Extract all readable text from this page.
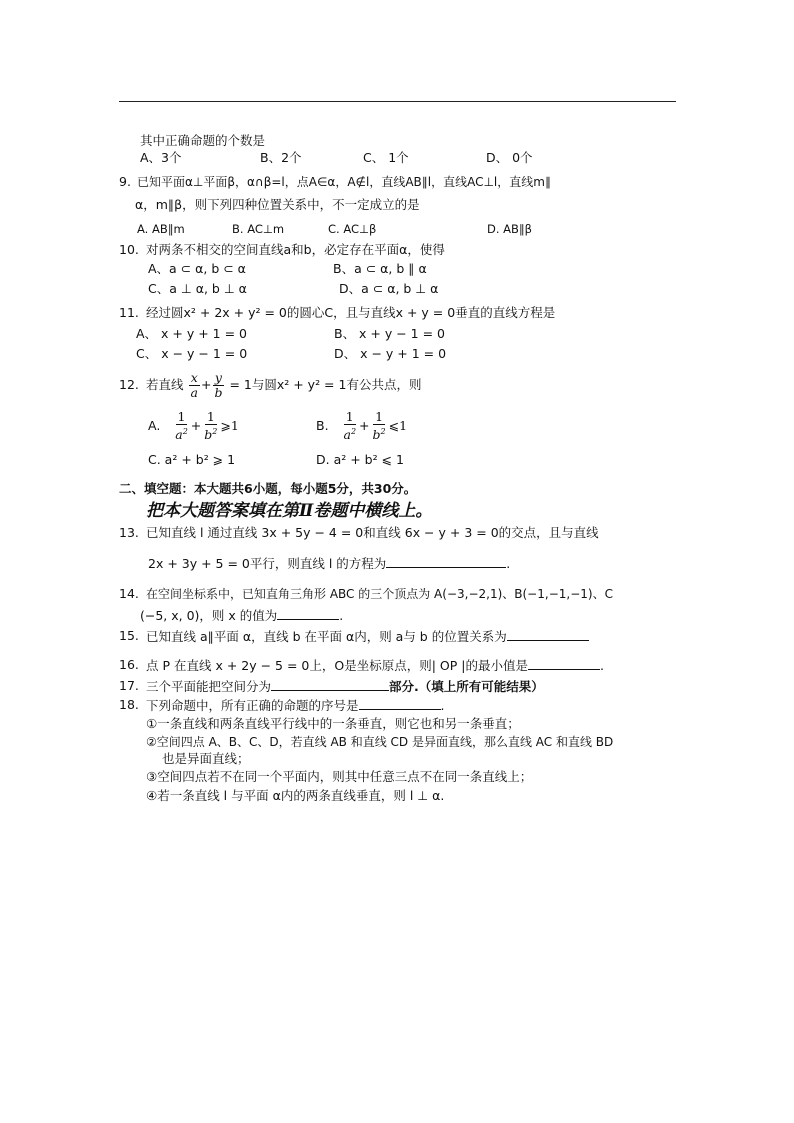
其中正确命题的个数是
A、3个	B、2个	C、 1个	D、 0个
9. 已知平面α⊥平面β，α∩β=l，点A∈α，A∉l，直线AB∥l，直线AC⊥l，直线m∥
α，m∥β，则下列四种位置关系中，不一定成立的是
A. AB∥m	B. AC⊥m	C. AC⊥β	D. AB∥β
10. 对两条不相交的空间直线a和b，必定存在平面α，使得
A、a ⊂ α, b ⊂ α	B、a ⊂ α, b ∥ α
C、a ⊥ α, b ⊥ α	D、a ⊂ α, b ⊥ α
11. 经过圆x² + 2x + y² = 0的圆心C，且与直线x + y = 0垂直的直线方程是
A、 x + y + 1 = 0	B、 x + y − 1 = 0
C、 x − y − 1 = 0	D、 x − y + 1 = 0
12. 若直线 $\frac{x}{a} + \frac{y}{b} = 1$与圆x² + y² = 1有公共点，则
A. $\frac{1}{a^2} + \frac{1}{b^2}$ ⩾1	B. $\frac{1}{a^2} + \frac{1}{b^2}$ ⩽1
C. a² + b² ⩾ 1	D. a² + b² ⩽ 1
二、填空题：本大题共6小题，每小题5分，共30分。
把本大题答案填在第Ⅱ卷题中横线上。
13. 已知直线 l 通过直线 3x + 5y − 4 = 0和直线 6x − y + 3 = 0的交点，且与直线
2x + 3y + 5 = 0平行，则直线 l 的方程为	.
14. 在空间坐标系中，已知直角三角形 ABC 的三个顶点为 A(−3,−2,1)、B(−1,−1,−1)、C
(−5, x, 0)，则 x 的值为	.
15. 已知直线 a∥平面 α，直线 b 在平面 α内，则 a与 b 的位置关系为
16. 点 P 在直线 x + 2y − 5 = 0上，O是坐标原点，则| OP |的最小值是	.
17. 三个平面能把空间分为	部分.（填上所有可能结果）
18. 下列命题中，所有正确的命题的序号是	.
①一条直线和两条直线平行线中的一条垂直，则它也和另一条垂直；
②空间四点 A、B、C、D，若直线 AB 和直线 CD 是异面直线，那么直线 AC 和直线 BD
也是异面直线；
③空间四点若不在同一个平面内，则其中任意三点不在同一条直线上；
④若一条直线 l 与平面 α内的两条直线垂直，则 l ⊥ α.
